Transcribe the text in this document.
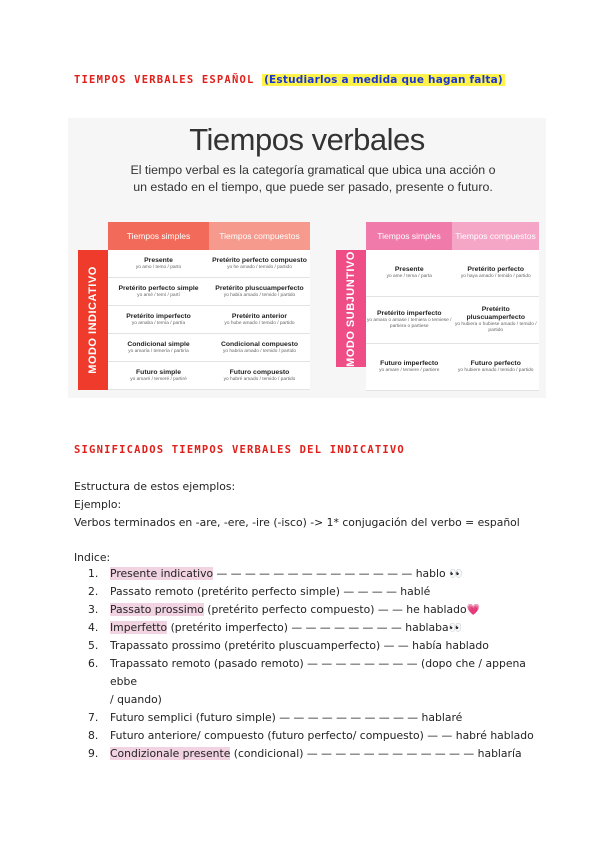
TIEMPOS VERBALES ESPAÑOL (Estudiarlos a medida que hagan falta)
Tiempos verbales
El tiempo verbal es la categoría gramatical que ubica una acción o un estado en el tiempo, que puede ser pasado, presente o futuro.
MODO INDICATIVO
Tiempos simples	Tiempos compuestos
Presente
yo amo / temo / parto
Pretérito perfecto compuesto
yo he amado / temido / partido
Pretérito perfecto simple
yo amé / temí / partí
Pretérito pluscuamperfecto
yo había amado / temido / partido
Pretérito imperfecto
yo amaba / temía / partía
Pretérito anterior
yo hube amado / temido / partido
Condicional simple
yo amaría / temería / partiría
Condicional compuesto
yo habría amado / temido / partido
Futuro simple
yo amaré / temeré / partiré
Futuro compuesto
yo habré amado / temido / partido
MODO SUBJUNTIVO
Tiempos simples	Tiempos compuestos
Presente
yo ame / tema / parta
Pretérito perfecto
yo haya amado / temido / partido
Pretérito imperfecto
yo amara o amase / temiera o temiese / partiera o partiese
Pretérito pluscuamperfecto
yo hubiera o hubiese amado / temido / partido
Futuro imperfecto
yo amare / temiere / partiere
Futuro perfecto
yo hubiere amado / temido / partido
SIGNIFICADOS TIEMPOS VERBALES DEL INDICATIVO
Estructura de estos ejemplos:
Ejemplo:
Verbos terminados en -are, -ere, -ire (-isco) -> 1* conjugación del verbo = español
Indice:
1. Presente indicativo — — — — — — — — — — — — — — hablo 👀
2. Passato remoto (pretérito perfecto simple) — — — — hablé
3. Passato prossimo (pretérito perfecto compuesto) — — he hablado💗
4. Imperfetto (pretérito imperfecto) — — — — — — — — hablaba👀
5. Trapassato prossimo (pretérito pluscuamperfecto) — — había hablado
6. Trapassato remoto (pasado remoto) — — — — — — — — (dopo che / appena ebbe
/ quando)
7. Futuro semplici (futuro simple) — — — — — — — — — — hablaré
8. Futuro anteriore/ compuesto (futuro perfecto/ compuesto) — — habré hablado
9. Condizionale presente (condicional) — — — — — — — — — — — — hablaría
